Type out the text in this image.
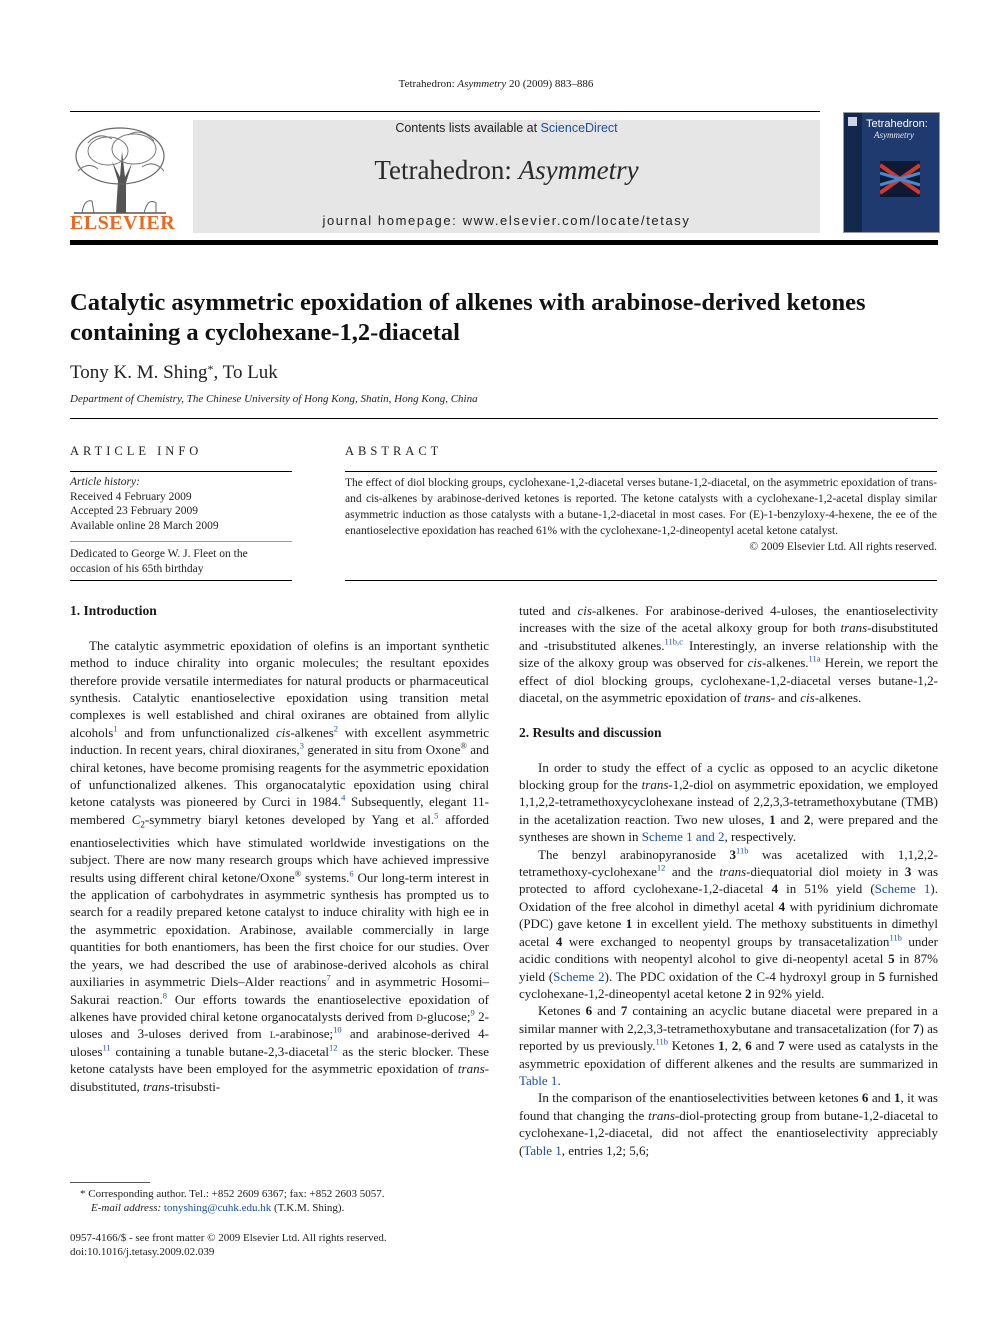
Tetrahedron: Asymmetry 20 (2009) 883–886
ELSEVIER
Contents lists available at ScienceDirect
Tetrahedron: Asymmetry
journal homepage: www.elsevier.com/locate/tetasy
Tetrahedron:
Asymmetry
Catalytic asymmetric epoxidation of alkenes with arabinose-derived ketones containing a cyclohexane-1,2-diacetal
Tony K. M. Shing*, To Luk
Department of Chemistry, The Chinese University of Hong Kong, Shatin, Hong Kong, China
ARTICLE INFO
Article history:
Received 4 February 2009
Accepted 23 February 2009
Available online 28 March 2009
Dedicated to George W. J. Fleet on the
occasion of his 65th birthday
ABSTRACT
The effect of diol blocking groups, cyclohexane-1,2-diacetal verses butane-1,2-diacetal, on the asymmetric epoxidation of trans- and cis-alkenes by arabinose-derived ketones is reported. The ketone catalysts with a cyclohexane-1,2-acetal display similar asymmetric induction as those catalysts with a butane-1,2-diacetal in most cases. For (E)-1-benzyloxy-4-hexene, the ee of the enantioselective epoxidation has reached 61% with the cyclohexane-1,2-dineopentyl acetal ketone catalyst.
© 2009 Elsevier Ltd. All rights reserved.
1. Introduction

The catalytic asymmetric epoxidation of olefins is an important synthetic method to induce chirality into organic molecules; the resultant epoxides therefore provide versatile intermediates for natural products or pharmaceutical synthesis. Catalytic enantioselective epoxidation using transition metal complexes is well established and chiral oxiranes are obtained from allylic alcohols$^1$ and from unfunctionalized cis-alkenes$^2$ with excellent asymmetric induction. In recent years, chiral dioxiranes,$^3$ generated in situ from Oxone® and chiral ketones, have become promising reagents for the asymmetric epoxidation of unfunctionalized alkenes. This organocatalytic epoxidation using chiral ketone catalysts was pioneered by Curci in 1984.$^4$ Subsequently, elegant 11-membered $C_2$-symmetry biaryl ketones developed by Yang et al.$^5$ afforded enantioselectivities which have stimulated worldwide investigations on the subject. There are now many research groups which have achieved impressive results using different chiral ketone/Oxone® systems.$^6$ Our long-term interest in the application of carbohydrates in asymmetric synthesis has prompted us to search for a readily prepared ketone catalyst to induce chirality with high ee in the asymmetric epoxidation. Arabinose, available commercially in large quantities for both enantiomers, has been the first choice for our studies. Over the years, we had described the use of arabinose-derived alcohols as chiral auxiliaries in asymmetric Diels–Alder reactions$^7$ and in asymmetric Hosomi–Sakurai reaction.$^8$ Our efforts towards the enantioselective epoxidation of alkenes have provided chiral ketone organocatalysts derived from d-glucose;$^9$ 2-uloses and 3-uloses derived from l-arabinose;$^{10}$ and arabinose-derived 4-uloses$^{11}$ containing a tunable butane-2,3-diacetal$^{12}$ as the steric blocker. These ketone catalysts have been employed for the asymmetric epoxidation of trans-disubstituted, trans-trisubsti-

* Corresponding author. Tel.: +852 2609 6367; fax: +852 2603 5057.
E-mail address: tonyshing@cuhk.edu.hk (T.K.M. Shing).
0957-4166/$ - see front matter © 2009 Elsevier Ltd. All rights reserved.
doi:10.1016/j.tetasy.2009.02.039

tuted and cis-alkenes. For arabinose-derived 4-uloses, the enantioselectivity increases with the size of the acetal alkoxy group for both trans-disubstituted and -trisubstituted alkenes.$^{11b,c}$ Interestingly, an inverse relationship with the size of the alkoxy group was observed for cis-alkenes.$^{11a}$ Herein, we report the effect of diol blocking groups, cyclohexane-1,2-diacetal verses butane-1,2-diacetal, on the asymmetric epoxidation of trans- and cis-alkenes.

2. Results and discussion

In order to study the effect of a cyclic as opposed to an acyclic diketone blocking group for the trans-1,2-diol on asymmetric epoxidation, we employed 1,1,2,2-tetramethoxycyclohexane instead of 2,2,3,3-tetramethoxybutane (TMB) in the acetalization reaction. Two new uloses, 1 and 2, were prepared and the syntheses are shown in Scheme 1 and 2, respectively.

The benzyl arabinopyranoside $3^{11b}$ was acetalized with 1,1,2,2-tetramethoxy-cyclohexane$^{12}$ and the trans-diequatorial diol moiety in 3 was protected to afford cyclohexane-1,2-diacetal 4 in 51% yield (Scheme 1). Oxidation of the free alcohol in dimethyl acetal 4 with pyridinium dichromate (PDC) gave ketone 1 in excellent yield. The methoxy substituents in dimethyl acetal 4 were exchanged to neopentyl groups by transacetalization$^{11b}$ under acidic conditions with neopentyl alcohol to give di-neopentyl acetal 5 in 87% yield (Scheme 2). The PDC oxidation of the C-4 hydroxyl group in 5 furnished cyclohexane-1,2-dineopentyl acetal ketone 2 in 92% yield.

Ketones 6 and 7 containing an acyclic butane diacetal were prepared in a similar manner with 2,2,3,3-tetramethoxybutane and transacetalization (for 7) as reported by us previously.$^{11b}$ Ketones 1, 2, 6 and 7 were used as catalysts in the asymmetric epoxidation of different alkenes and the results are summarized in Table 1.

In the comparison of the enantioselectivities between ketones 6 and 1, it was found that changing the trans-diol-protecting group from butane-1,2-diacetal to cyclohexane-1,2-diacetal, did not affect the enantioselectivity appreciably (Table 1, entries 1,2; 5,6;
